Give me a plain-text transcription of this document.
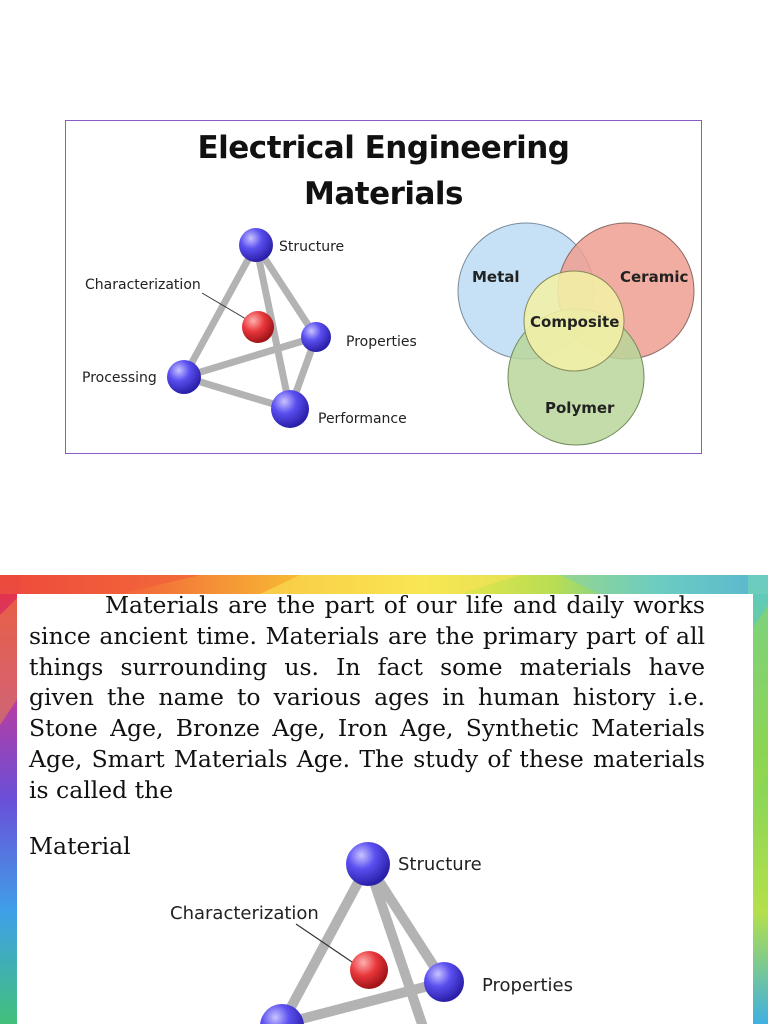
Electrical Engineering
Materials
Structure
Characterization
Properties
Processing
Performance
Metal	Ceramic
Composite
Polymer

Materials are the part of our life and daily works since ancient time. Materials are the primary part of all things surrounding us. In fact some materials have given the name to various ages in human history i.e. Stone Age, Bronze Age, Iron Age, Synthetic Materials Age, Smart Materials Age. The study of these materials is called the

Material
Structure
Characterization
Properties
